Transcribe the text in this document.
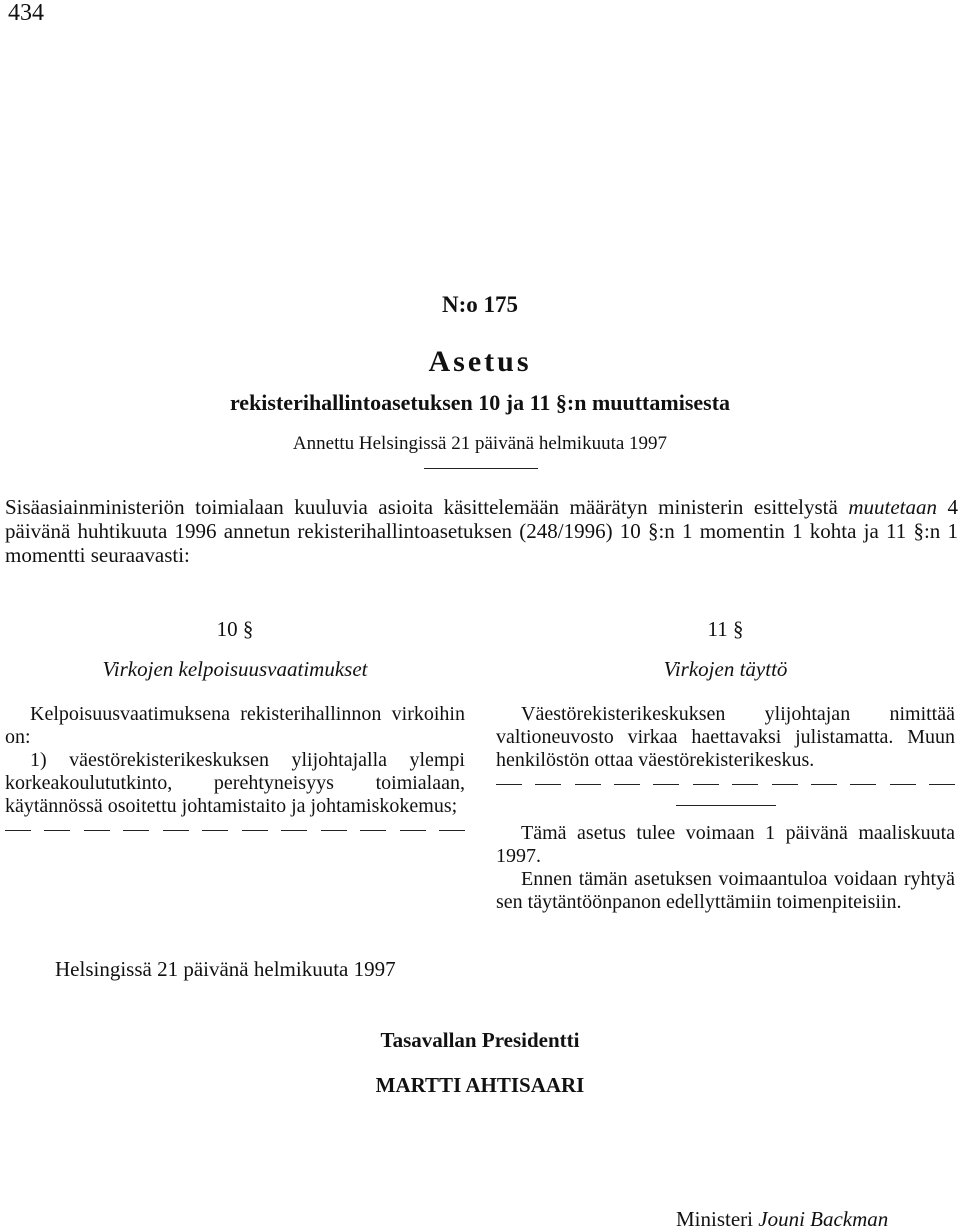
434
N:o 175
Asetus
rekisterihallintoasetuksen 10 ja 11 §:n muuttamisesta
Annettu Helsingissä 21 päivänä helmikuuta 1997

Sisäasiainministeriön toimialaan kuuluvia asioita käsittelemään määrätyn ministerin esittelystä muutetaan 4 päivänä huhtikuuta 1996 annetun rekisterihallintoasetuksen (248/1996) 10 §:n 1 momentin 1 kohta ja 11 §:n 1 momentti seuraavasti:

10 §
Virkojen kelpoisuusvaatimukset

Kelpoisuusvaatimuksena rekisterihallinnon virkoihin on:

1) väestörekisterikeskuksen ylijohtajalla ylempi korkeakoulututkinto, perehtyneisyys toimialaan, käytännössä osoitettu johtamistaito ja johtamiskokemus;

11 §
Virkojen täyttö

Väestörekisterikeskuksen ylijohtajan nimittää valtioneuvosto virkaa haettavaksi julistamatta. Muun henkilöstön ottaa väestörekisterikeskus.

Tämä asetus tulee voimaan 1 päivänä maaliskuuta 1997.

Ennen tämän asetuksen voimaantuloa voidaan ryhtyä sen täytäntöönpanon edellyttämiin toimenpiteisiin.

Helsingissä 21 päivänä helmikuuta 1997
Tasavallan Presidentti
MARTTI AHTISAARI
Ministeri Jouni Backman
